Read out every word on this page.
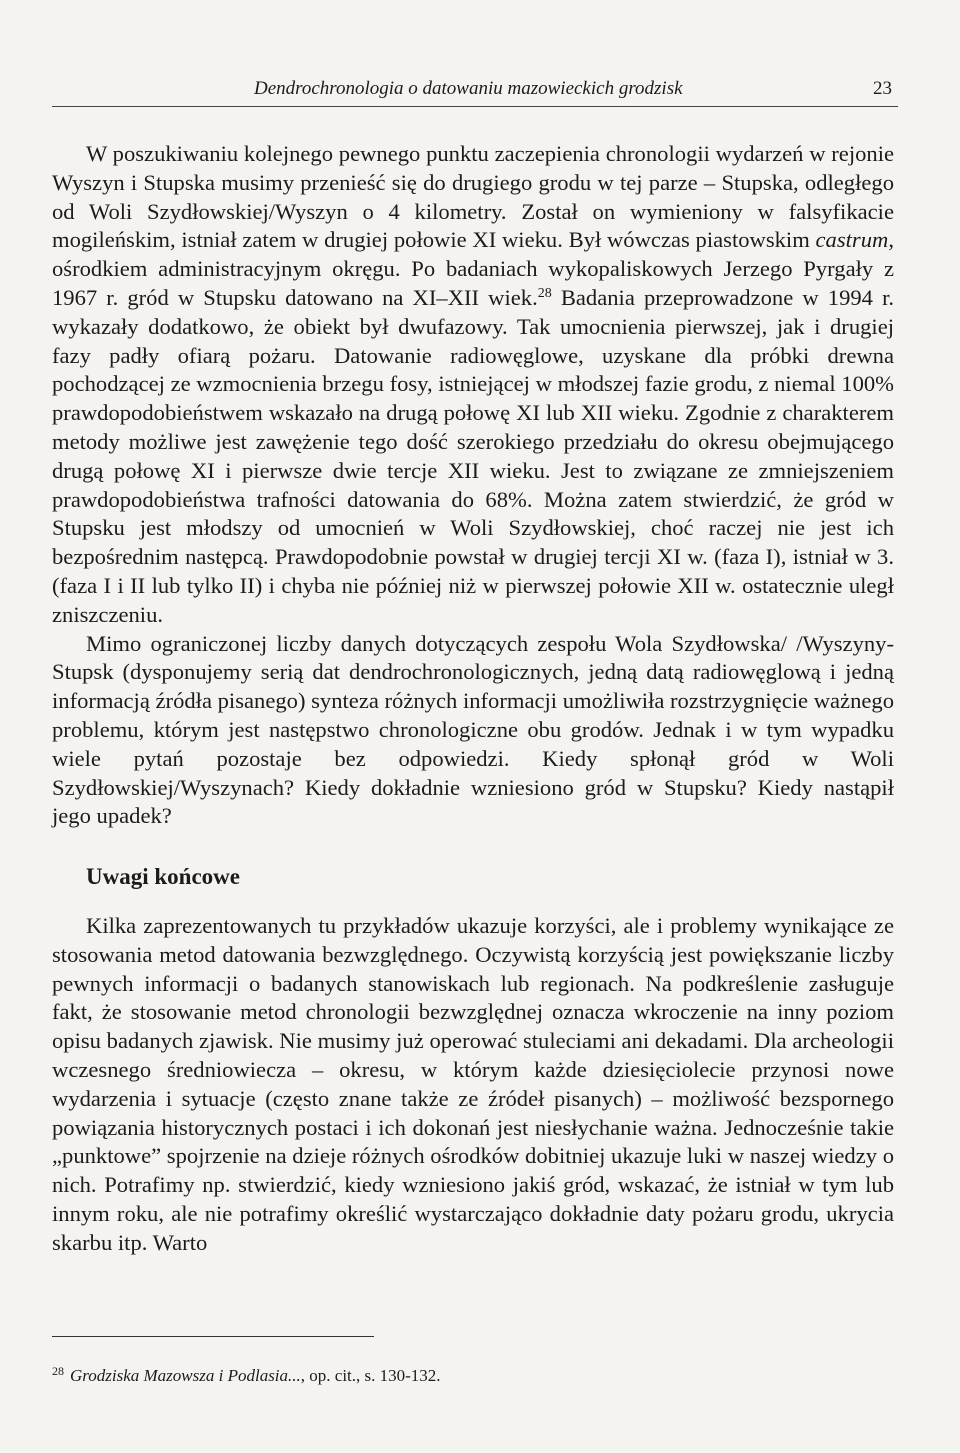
Dendrochronologia o datowaniu mazowieckich grodzisk	23

W poszukiwaniu kolejnego pewnego punktu zaczepienia chronologii wydarzeń w rejonie Wyszyn i Stupska musimy przenieść się do drugiego grodu w tej parze – Stupska, odległego od Woli Szydłowskiej/Wyszyn o 4 kilometry. Został on wymieniony w falsyfikacie mogileńskim, istniał zatem w drugiej połowie XI wieku. Był wówczas piastowskim castrum, ośrodkiem administracyjnym okręgu. Po badaniach wykopaliskowych Jerzego Pyrgały z 1967 r. gród w Stupsku datowano na XI–XII wiek.$^{28}$ Badania przeprowadzone w 1994 r. wykazały dodatkowo, że obiekt był dwufazowy. Tak umocnienia pierwszej, jak i drugiej fazy padły ofiarą pożaru. Datowanie radiowęglowe, uzyskane dla próbki drewna pochodzącej ze wzmocnienia brzegu fosy, istniejącej w młodszej fazie grodu, z niemal 100% prawdopodobieństwem wskazało na drugą połowę XI lub XII wieku. Zgodnie z charakterem metody możliwe jest zawężenie tego dość szerokiego przedziału do okresu obejmującego drugą połowę XI i pierwsze dwie tercje XII wieku. Jest to związane ze zmniejszeniem prawdopodobieństwa trafności datowania do 68%. Można zatem stwierdzić, że gród w Stupsku jest młodszy od umocnień w Woli Szydłowskiej, choć raczej nie jest ich bezpośrednim następcą. Prawdopodobnie powstał w drugiej tercji XI w. (faza I), istniał w 3. (faza I i II lub tylko II) i chyba nie później niż w pierwszej połowie XII w. ostatecznie uległ zniszczeniu.

Mimo ograniczonej liczby danych dotyczących zespołu Wola Szydłowska/ /Wyszyny-Stupsk (dysponujemy serią dat dendrochronologicznych, jedną datą radiowęglową i jedną informacją źródła pisanego) synteza różnych informacji umożliwiła rozstrzygnięcie ważnego problemu, którym jest następstwo chronologiczne obu grodów. Jednak i w tym wypadku wiele pytań pozostaje bez odpowiedzi. Kiedy spłonął gród w Woli Szydłowskiej/Wyszynach? Kiedy dokładnie wzniesiono gród w Stupsku? Kiedy nastąpił jego upadek?

Uwagi końcowe

Kilka zaprezentowanych tu przykładów ukazuje korzyści, ale i problemy wynikające ze stosowania metod datowania bezwzględnego. Oczywistą korzyścią jest powiększanie liczby pewnych informacji o badanych stanowiskach lub regionach. Na podkreślenie zasługuje fakt, że stosowanie metod chronologii bezwzględnej oznacza wkroczenie na inny poziom opisu badanych zjawisk. Nie musimy już operować stuleciami ani dekadami. Dla archeologii wczesnego średniowiecza – okresu, w którym każde dziesięciolecie przynosi nowe wydarzenia i sytuacje (często znane także ze źródeł pisanych) – możliwość bezspornego powiązania historycznych postaci i ich dokonań jest niesłychanie ważna. Jednocześnie takie „punktowe” spojrzenie na dzieje różnych ośrodków dobitniej ukazuje luki w naszej wiedzy o nich. Potrafimy np. stwierdzić, kiedy wzniesiono jakiś gród, wskazać, że istniał w tym lub innym roku, ale nie potrafimy określić wystarczająco dokładnie daty pożaru grodu, ukrycia skarbu itp. Warto

$^{28}$ Grodziska Mazowsza i Podlasia..., op. cit., s. 130-132.
